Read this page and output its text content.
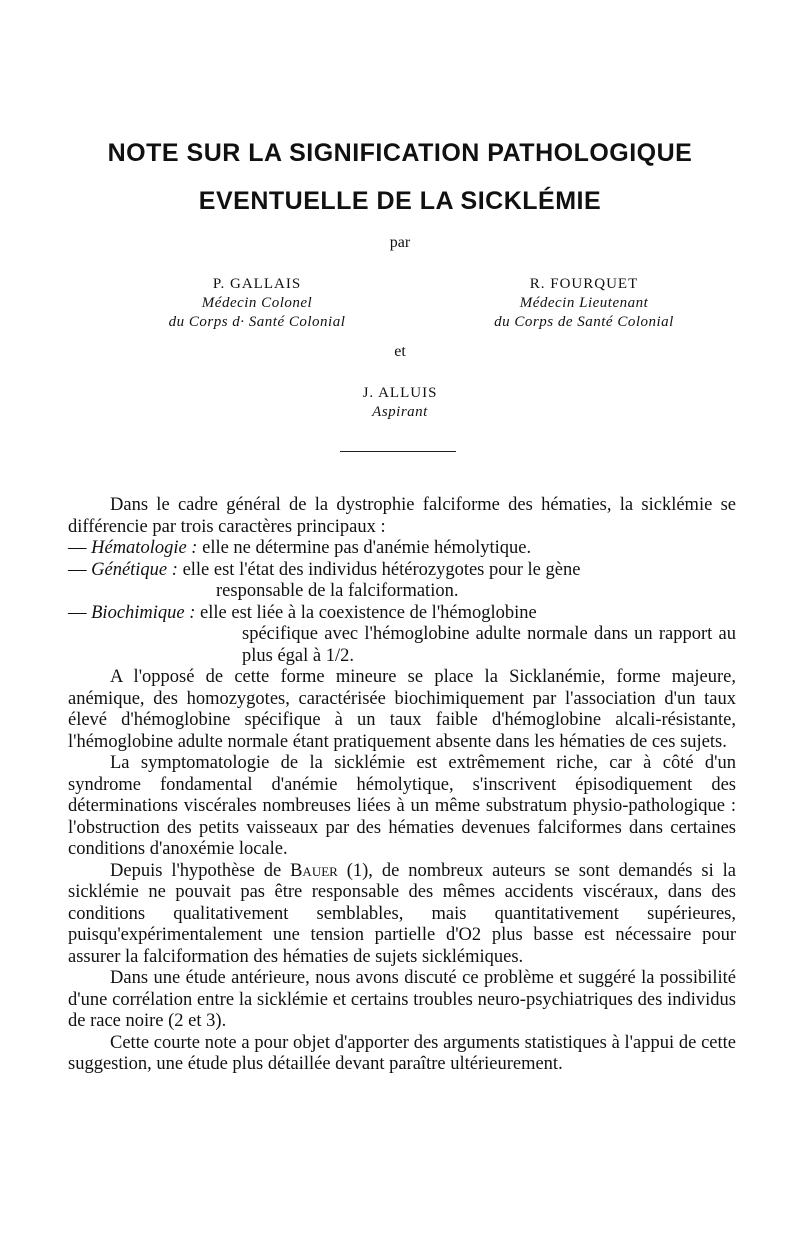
NOTE SUR LA SIGNIFICATION PATHOLOGIQUE
EVENTUELLE DE LA SICKLÉMIE
par
P. GALLAIS
Médecin Colonel
du Corps d· Santé Colonial
R. FOURQUET
Médecin Lieutenant
du Corps de Santé Colonial
et
J. ALLUIS
Aspirant

Dans le cadre général de la dystrophie falciforme des hématies, la sicklémie se différencie par trois caractères principaux :

— Hématologie : elle ne détermine pas d'anémie hémolytique.
— Génétique : elle est l'état des individus hétérozygotes pour le gène
responsable de la falciformation.
— Biochimique : elle est liée à la coexistence de l'hémoglobine
spécifique avec l'hémoglobine adulte normale dans un rapport au plus égal à 1/2.

A l'opposé de cette forme mineure se place la Sicklanémie, forme majeure, anémique, des homozygotes, caractérisée biochimiquement par l'association d'un taux élevé d'hémoglobine spécifique à un taux faible d'hémoglobine alcali-résistante, l'hémoglobine adulte normale étant pratiquement absente dans les hématies de ces sujets.

La symptomatologie de la sicklémie est extrêmement riche, car à côté d'un syndrome fondamental d'anémie hémolytique, s'inscrivent épisodiquement des déterminations viscérales nombreuses liées à un même substratum physio-pathologique : l'obstruction des petits vaisseaux par des hématies devenues falciformes dans certaines conditions d'anoxémie locale.

Depuis l'hypothèse de Bauer (1), de nombreux auteurs se sont demandés si la sicklémie ne pouvait pas être responsable des mêmes accidents viscéraux, dans des conditions qualitativement semblables, mais quantitativement supérieures, puisqu'expérimentalement une tension partielle d'O2 plus basse est nécessaire pour assurer la falciformation des hématies de sujets sicklémiques.

Dans une étude antérieure, nous avons discuté ce problème et suggéré la possibilité d'une corrélation entre la sicklémie et certains troubles neuro-psychiatriques des individus de race noire (2 et 3).

Cette courte note a pour objet d'apporter des arguments statistiques à l'appui de cette suggestion, une étude plus détaillée devant paraître ultérieurement.
